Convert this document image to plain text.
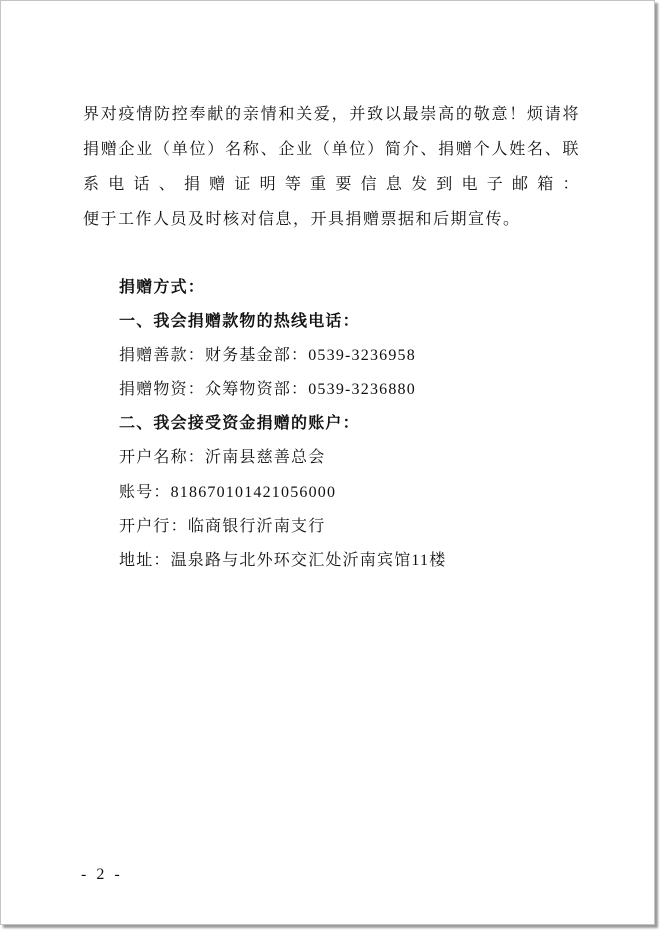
界对疫情防控奉献的亲情和关爱，并致以最崇高的敬意！烦请将
捐赠企业（单位）名称、企业（单位）简介、捐赠个人姓名、联
系电话、捐赠证明等重要信息发到电子邮箱：
便于工作人员及时核对信息，开具捐赠票据和后期宣传。
捐赠方式：
一、我会捐赠款物的热线电话：
捐赠善款：财务基金部：0539-3236958
捐赠物资：众筹物资部：0539-3236880
二、我会接受资金捐赠的账户：
开户名称：沂南县慈善总会
账号：818670101421056000
开户行：临商银行沂南支行
地址：温泉路与北外环交汇处沂南宾馆11楼
- 2 -
